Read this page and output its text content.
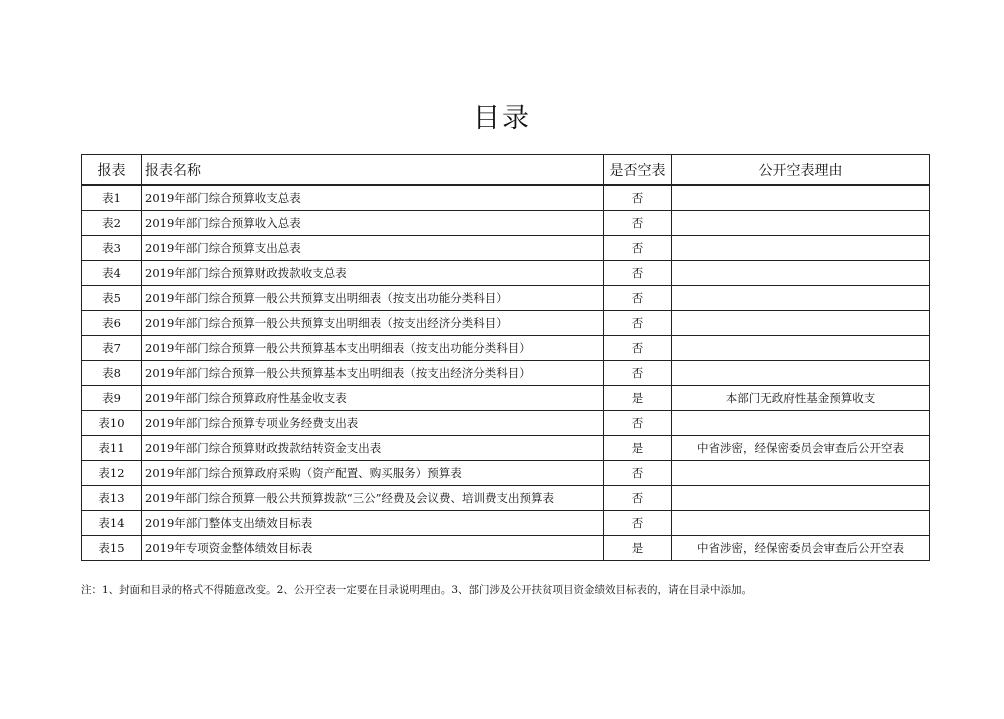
目录
报表	报表名称	是否空表	公开空表理由
表1	2019年部门综合预算收支总表	否	
表2	2019年部门综合预算收入总表	否	
表3	2019年部门综合预算支出总表	否	
表4	2019年部门综合预算财政拨款收支总表	否	
表5	2019年部门综合预算一般公共预算支出明细表（按支出功能分类科目）	否	
表6	2019年部门综合预算一般公共预算支出明细表（按支出经济分类科目）	否	
表7	2019年部门综合预算一般公共预算基本支出明细表（按支出功能分类科目）	否	
表8	2019年部门综合预算一般公共预算基本支出明细表（按支出经济分类科目）	否	
表9	2019年部门综合预算政府性基金收支表	是	本部门无政府性基金预算收支
表10	2019年部门综合预算专项业务经费支出表	否	
表11	2019年部门综合预算财政拨款结转资金支出表	是	中省涉密，经保密委员会审查后公开空表
表12	2019年部门综合预算政府采购（资产配置、购买服务）预算表	否	
表13	2019年部门综合预算一般公共预算拨款“三公”经费及会议费、培训费支出预算表	否	
表14	2019年部门整体支出绩效目标表	否	
表15	2019年专项资金整体绩效目标表	是	中省涉密，经保密委员会审查后公开空表
注：1、封面和目录的格式不得随意改变。2、公开空表一定要在目录说明理由。3、部门涉及公开扶贫项目资金绩效目标表的，请在目录中添加。
